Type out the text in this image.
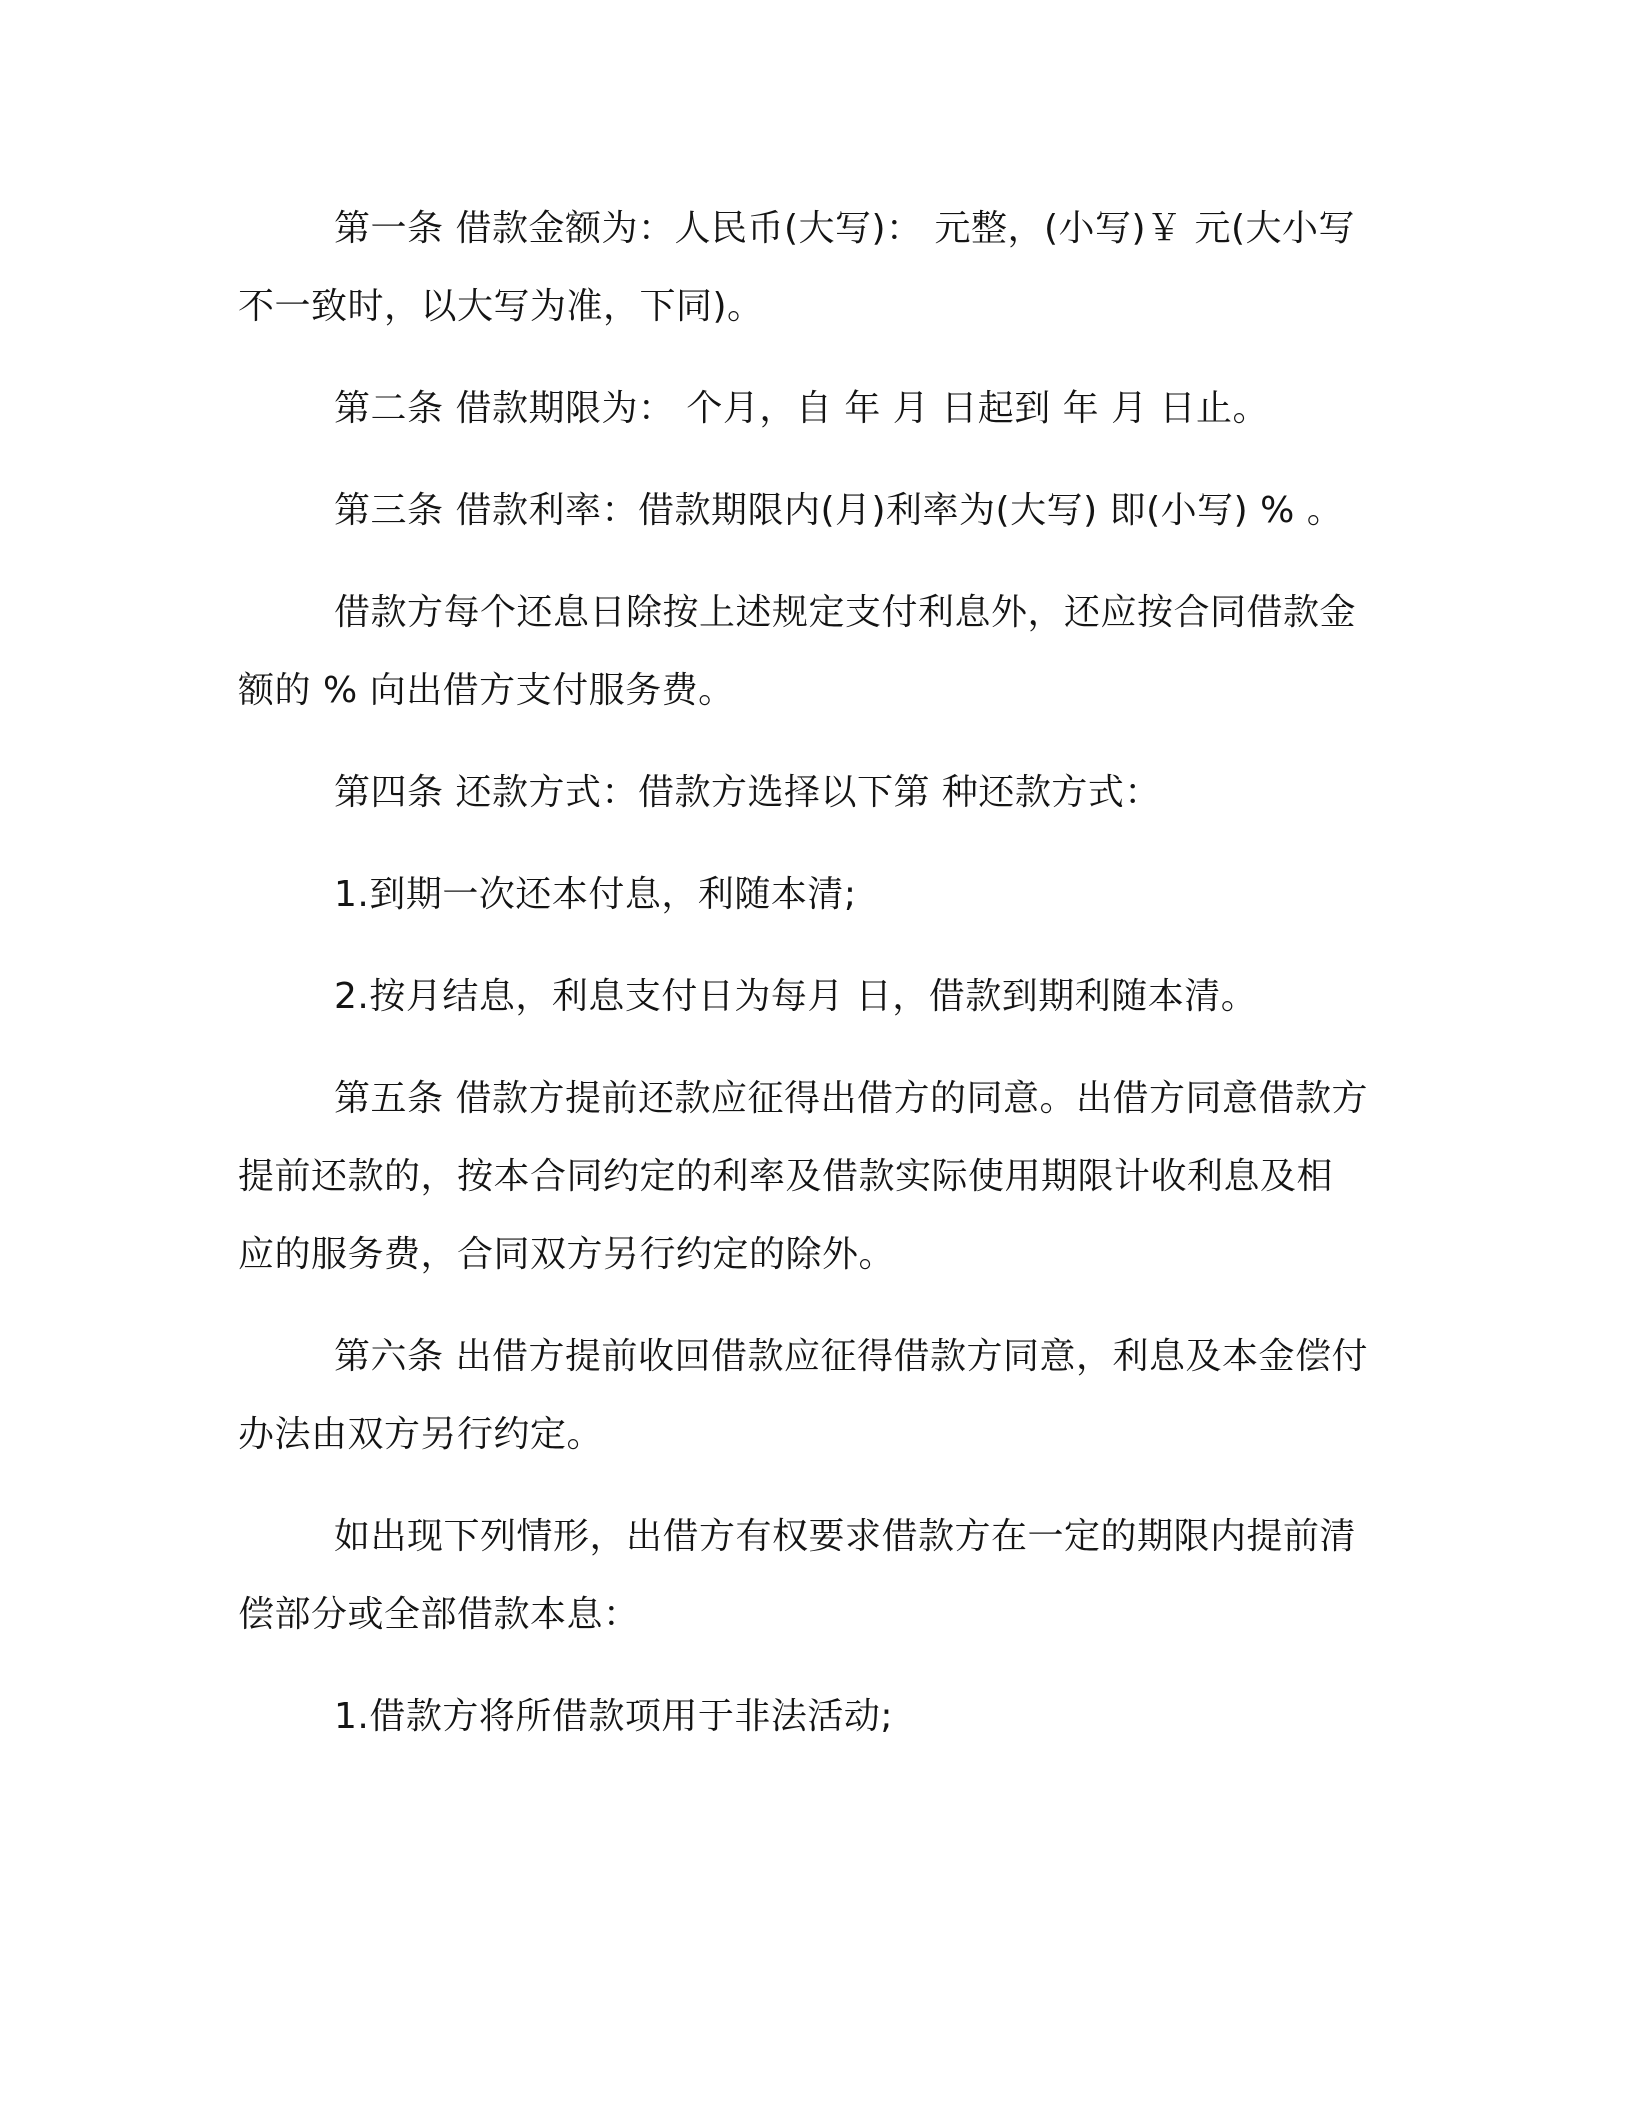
第一条 借款金额为：人民币(大写)： 元整，(小写)￥ 元(大小写
不一致时，以大写为准，下同)。

第二条 借款期限为： 个月，自 年 月 日起到 年 月 日止。

第三条 借款利率：借款期限内(月)利率为(大写) 即(小写) % 。

借款方每个还息日除按上述规定支付利息外，还应按合同借款金
额的 % 向出借方支付服务费。

第四条 还款方式：借款方选择以下第 种还款方式：

1.到期一次还本付息，利随本清;

2.按月结息，利息支付日为每月 日，借款到期利随本清。

第五条 借款方提前还款应征得出借方的同意。出借方同意借款方
提前还款的，按本合同约定的利率及借款实际使用期限计收利息及相
应的服务费，合同双方另行约定的除外。

第六条 出借方提前收回借款应征得借款方同意，利息及本金偿付
办法由双方另行约定。

如出现下列情形，出借方有权要求借款方在一定的期限内提前清
偿部分或全部借款本息：

1.借款方将所借款项用于非法活动;
